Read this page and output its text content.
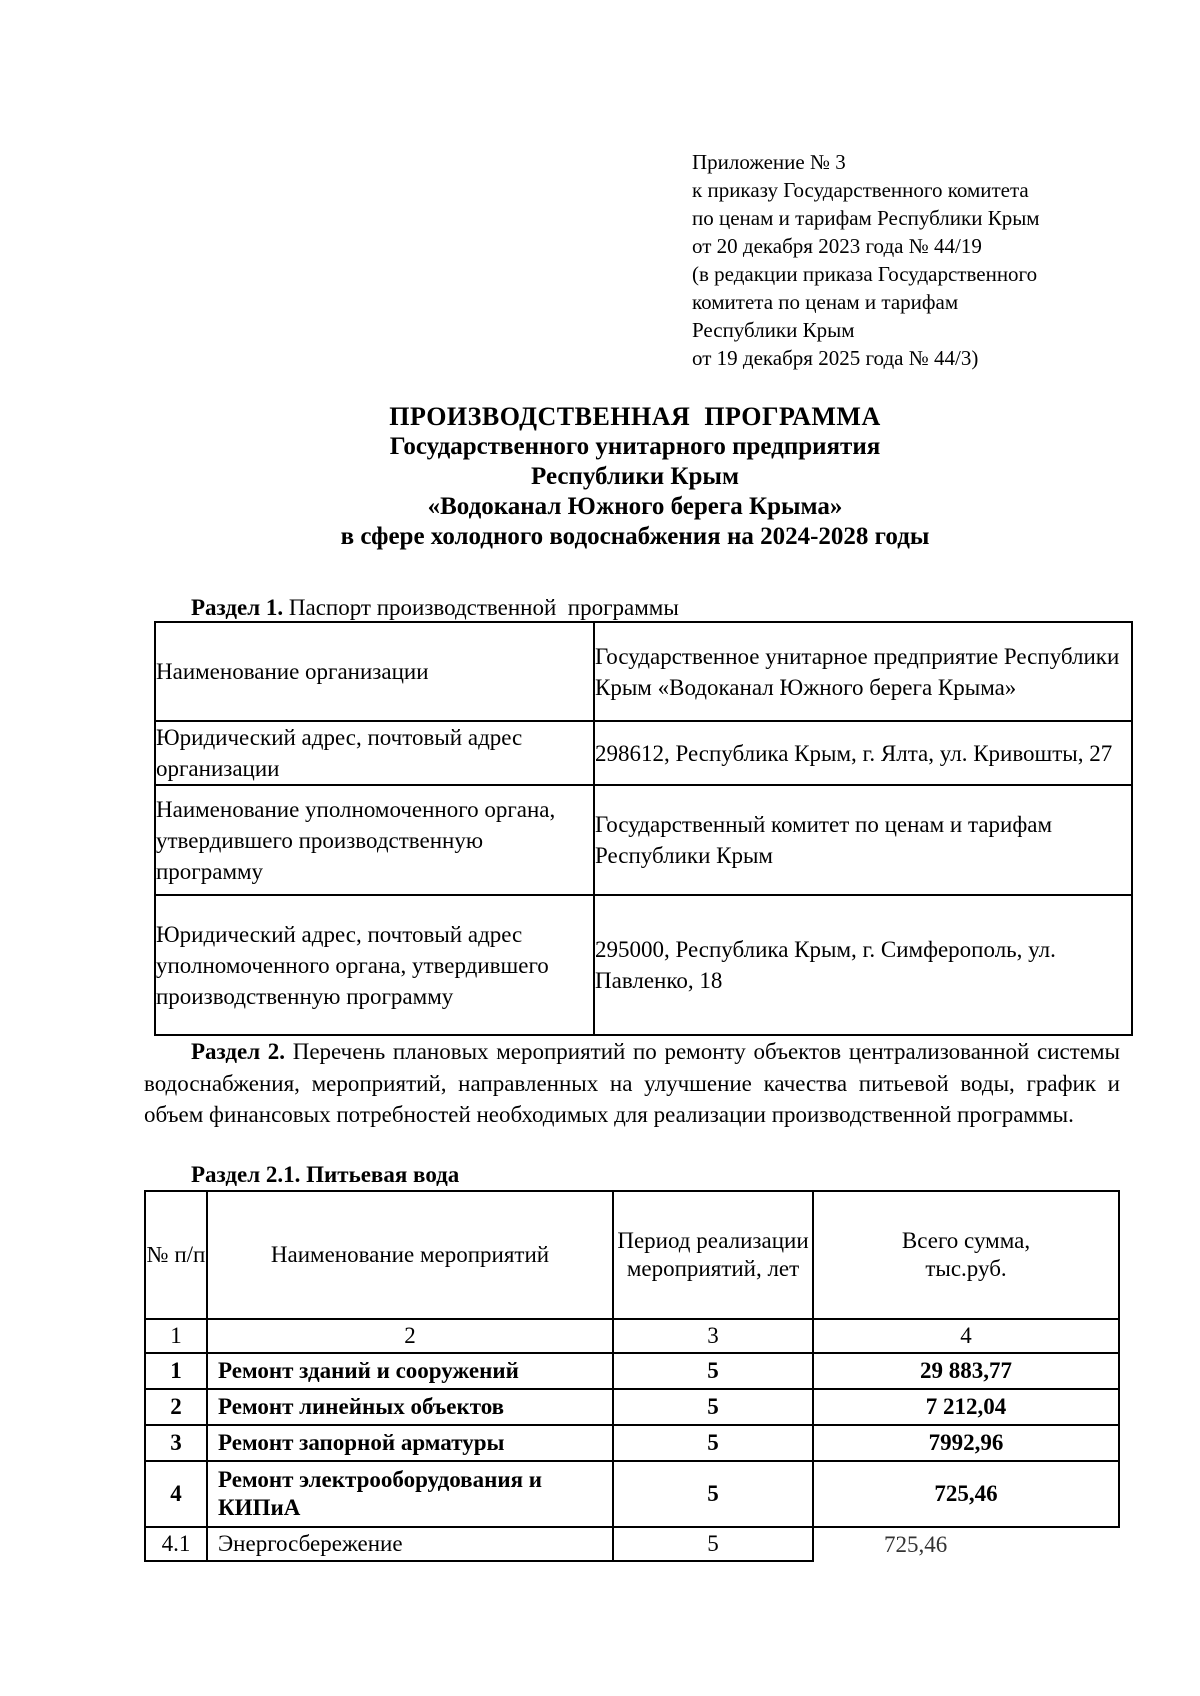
Приложение № 3
к приказу Государственного комитета
по ценам и тарифам Республики Крым
от 20 декабря 2023 года № 44/19
(в редакции приказа Государственного
комитета по ценам и тарифам
Республики Крым
от 19 декабря 2025 года № 44/3)
ПРОИЗВОДСТВЕННАЯ  ПРОГРАММА
Государственного унитарного предприятия
Республики Крым
«Водоканал Южного берега Крыма»
в сфере холодного водоснабжения на 2024-2028 годы
Раздел 1. Паспорт производственной  программы
Наименование организации	Государственное унитарное предприятие Республики Крым «Водоканал Южного берега Крыма»
Юридический адрес, почтовый адрес организации	298612, Республика Крым, г. Ялта, ул. Кривошты, 27
Наименование уполномоченного органа, утвердившего производственную программу	Государственный комитет по ценам и тарифам Республики Крым
Юридический адрес, почтовый адрес уполномоченного органа, утвердившего производственную программу	295000, Республика Крым, г. Симферополь, ул. Павленко, 18
Раздел 2. Перечень плановых мероприятий по ремонту объектов централизованной системы водоснабжения, мероприятий, направленных на улучшение качества питьевой воды, график и объем финансовых потребностей необходимых для реализации производственной программы.
Раздел 2.1. Питьевая вода
№ п/п	Наименование мероприятий	Период реализации мероприятий, лет	Всего сумма, тыс.руб.
1	2	3	4
1	Ремонт зданий и сооружений	5	29 883,77
2	Ремонт линейных объектов	5	7 212,04
3	Ремонт запорной арматуры	5	7992,96
4	Ремонт электрооборудования и КИПиА	5	725,46
4.1	Энергосбережение	5	725,46
